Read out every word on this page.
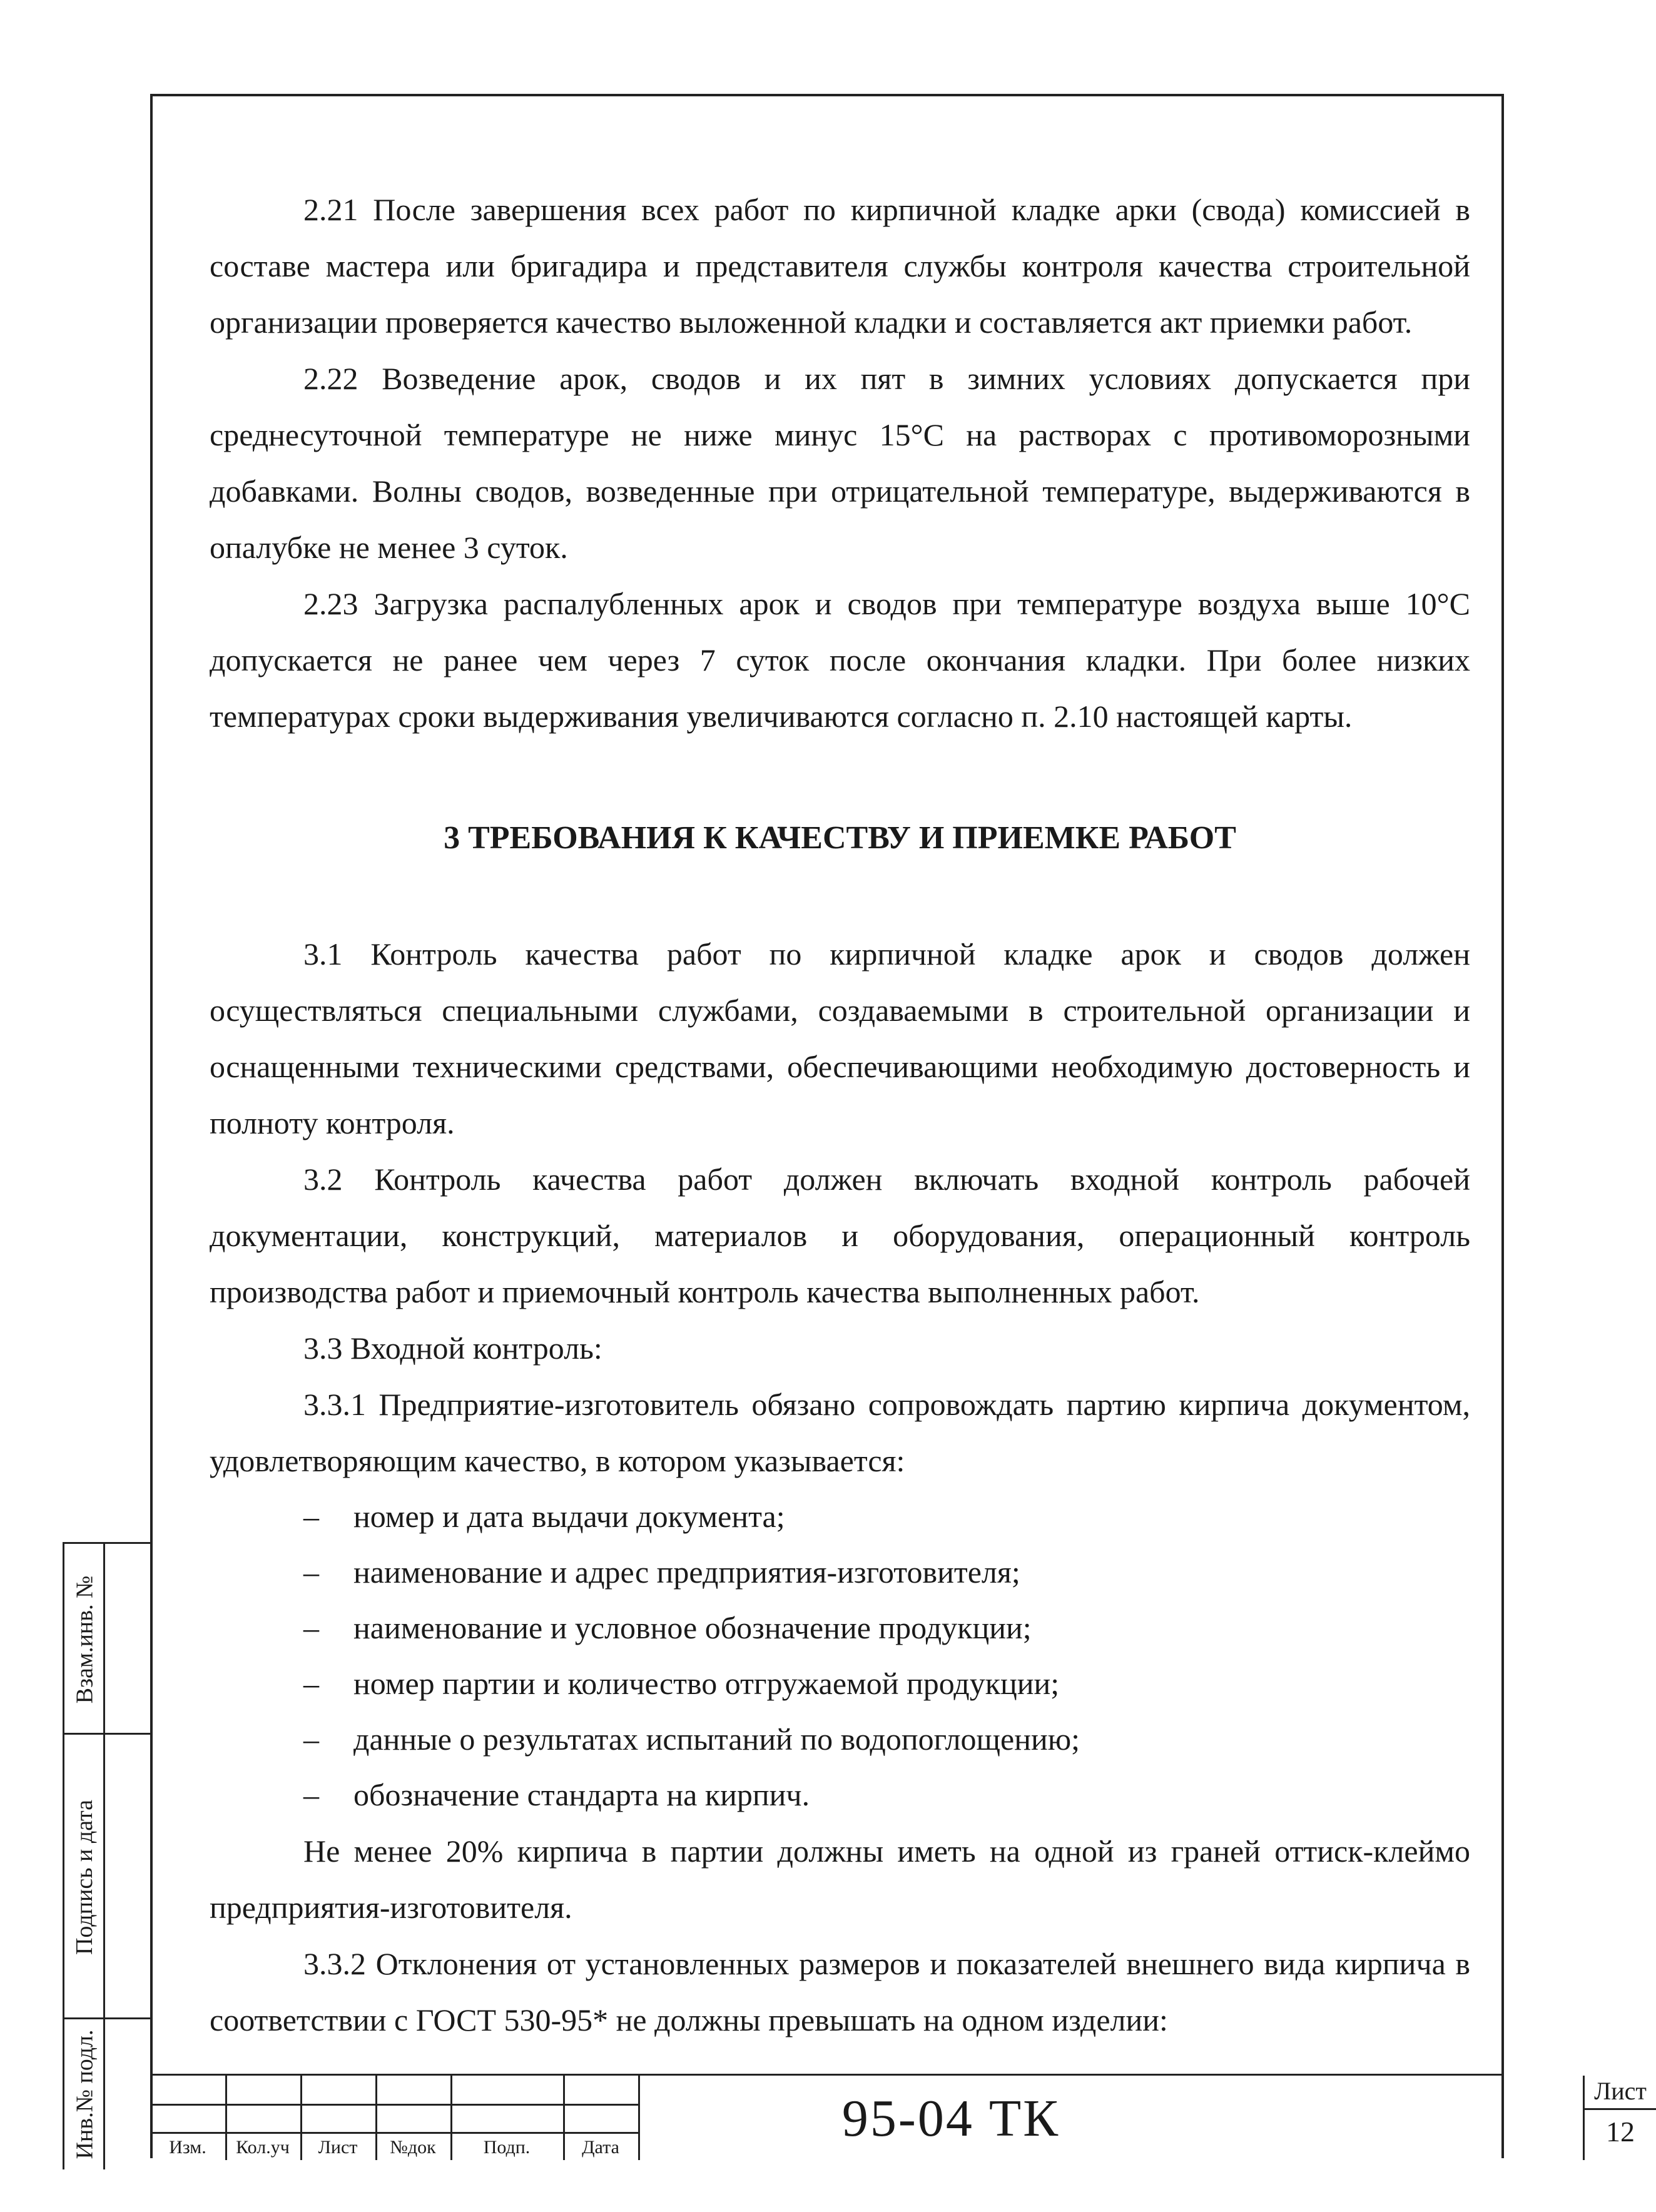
2.21 После завершения всех работ по кирпичной кладке арки (свода) комиссией в составе мастера или бригадира и представителя службы контроля качества строительной организации проверяется качество выложенной кладки и составляется акт приемки работ.

2.22 Возведение арок, сводов и их пят в зимних условиях допускается при среднесуточной температуре не ниже минус 15°С на растворах с противоморозными добавками. Волны сводов, возведенные при отрицательной температуре, выдерживаются в опалубке не менее 3 суток.

2.23 Загрузка распалубленных арок и сводов при температуре воздуха выше 10°С допускается не ранее чем через 7 суток после окончания кладки. При более низких температурах сроки выдерживания увеличиваются согласно п. 2.10 настоящей карты.

3 ТРЕБОВАНИЯ К КАЧЕСТВУ И ПРИЕМКЕ РАБОТ

3.1 Контроль качества работ по кирпичной кладке арок и сводов должен осуществляться специальными службами, создаваемыми в строительной организации и оснащенными техническими средствами, обеспечивающими необходимую достоверность и полноту контроля.

3.2 Контроль качества работ должен включать входной контроль рабочей документации, конструкций, материалов и оборудования, операционный контроль производства работ и приемочный контроль качества выполненных работ.

3.3 Входной контроль:

3.3.1 Предприятие-изготовитель обязано сопровождать партию кирпича документом, удовлетворяющим качество, в котором указывается:

– номер и дата выдачи документа;

– наименование и адрес предприятия-изготовителя;

– наименование и условное обозначение продукции;

– номер партии и количество отгружаемой продукции;

– данные о результатах испытаний по водопоглощению;

– обозначение стандарта на кирпич.

Не менее 20% кирпича в партии должны иметь на одной из граней оттиск-клеймо предприятия-изготовителя.

3.3.2 Отклонения от установленных размеров и показателей внешнего вида кирпича в соответствии с ГОСТ 530-95* не должны превышать на одном изделии:

Взам.инв. №
Подпись и дата
Инв.№ подл.	Изм.	Кол.уч	Лист	№док	Подп.	Дата	95-04 ТК	Лист
12
